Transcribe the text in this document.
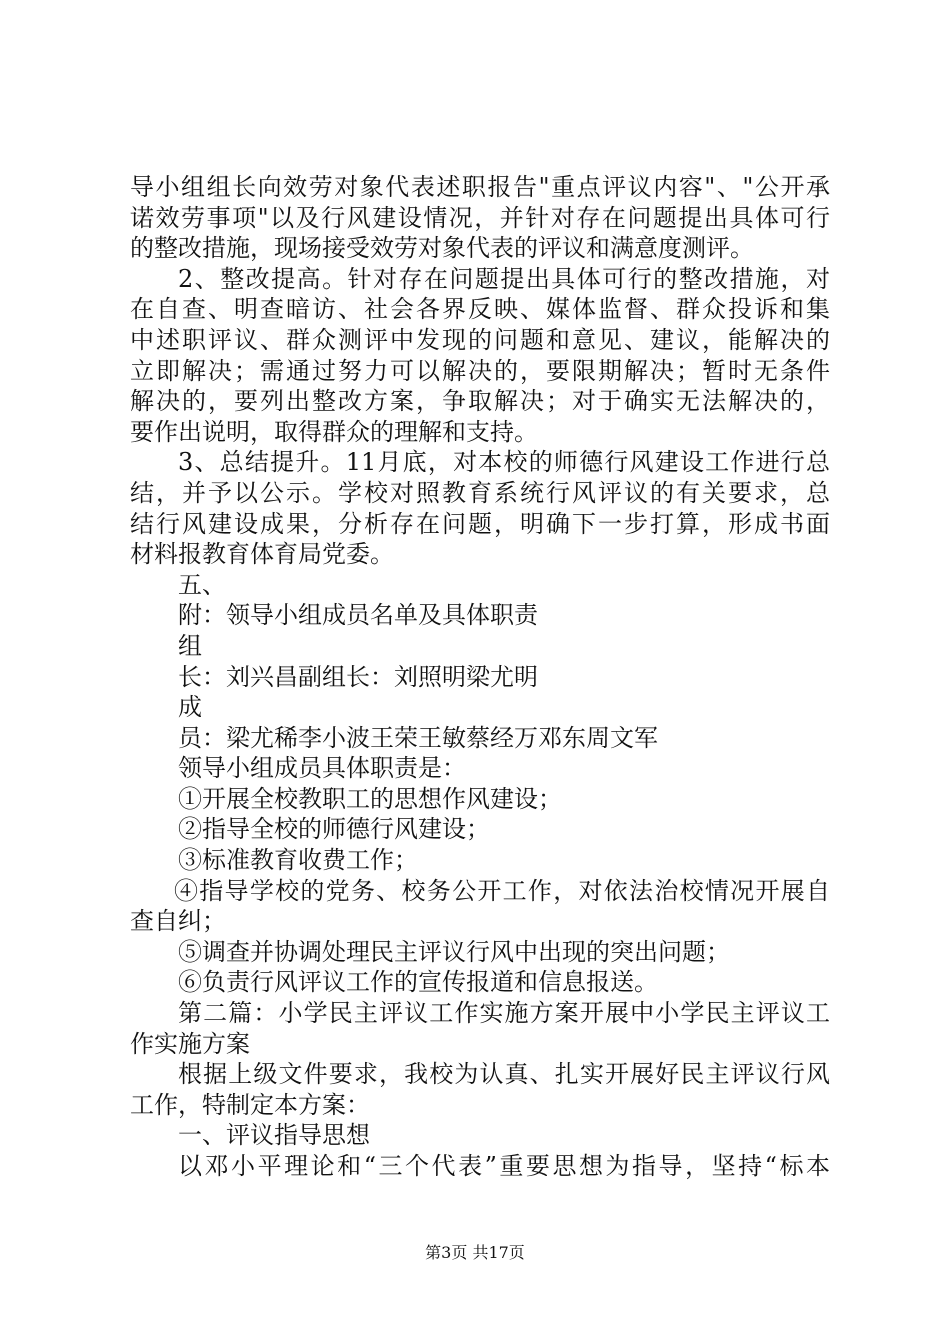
导小组组长向效劳对象代表述职报告"重点评议内容"、"公开承
诺效劳事项"以及行风建设情况，并针对存在问题提出具体可行
的整改措施，现场接受效劳对象代表的评议和满意度测评。
2、整改提高。针对存在问题提出具体可行的整改措施，对
在自查、明查暗访、社会各界反映、媒体监督、群众投诉和集
中述职评议、群众测评中发现的问题和意见、建议，能解决的
立即解决；需通过努力可以解决的，要限期解决；暂时无条件
解决的，要列出整改方案，争取解决；对于确实无法解决的，
要作出说明，取得群众的理解和支持。
3、总结提升。11月底，对本校的师德行风建设工作进行总
结，并予以公示。学校对照教育系统行风评议的有关要求，总
结行风建设成果，分析存在问题，明确下一步打算，形成书面
材料报教育体育局党委。
五、
附：领导小组成员名单及具体职责
组
长：刘兴昌副组长：刘照明梁尤明
成
员：梁尤稀李小波王荣王敏蔡经万邓东周文军
领导小组成员具体职责是：
①开展全校教职工的思想作风建设；
②指导全校的师德行风建设；
③标准教育收费工作；
④指导学校的党务、校务公开工作，对依法治校情况开展自
查自纠；
⑤调查并协调处理民主评议行风中出现的突出问题；
⑥负责行风评议工作的宣传报道和信息报送。
第二篇：小学民主评议工作实施方案开展中小学民主评议工
作实施方案
根据上级文件要求，我校为认真、扎实开展好民主评议行风
工作，特制定本方案：
一、评议指导思想
以邓小平理论和“三个代表”重要思想为指导，坚持“标本
第3页 共17页
